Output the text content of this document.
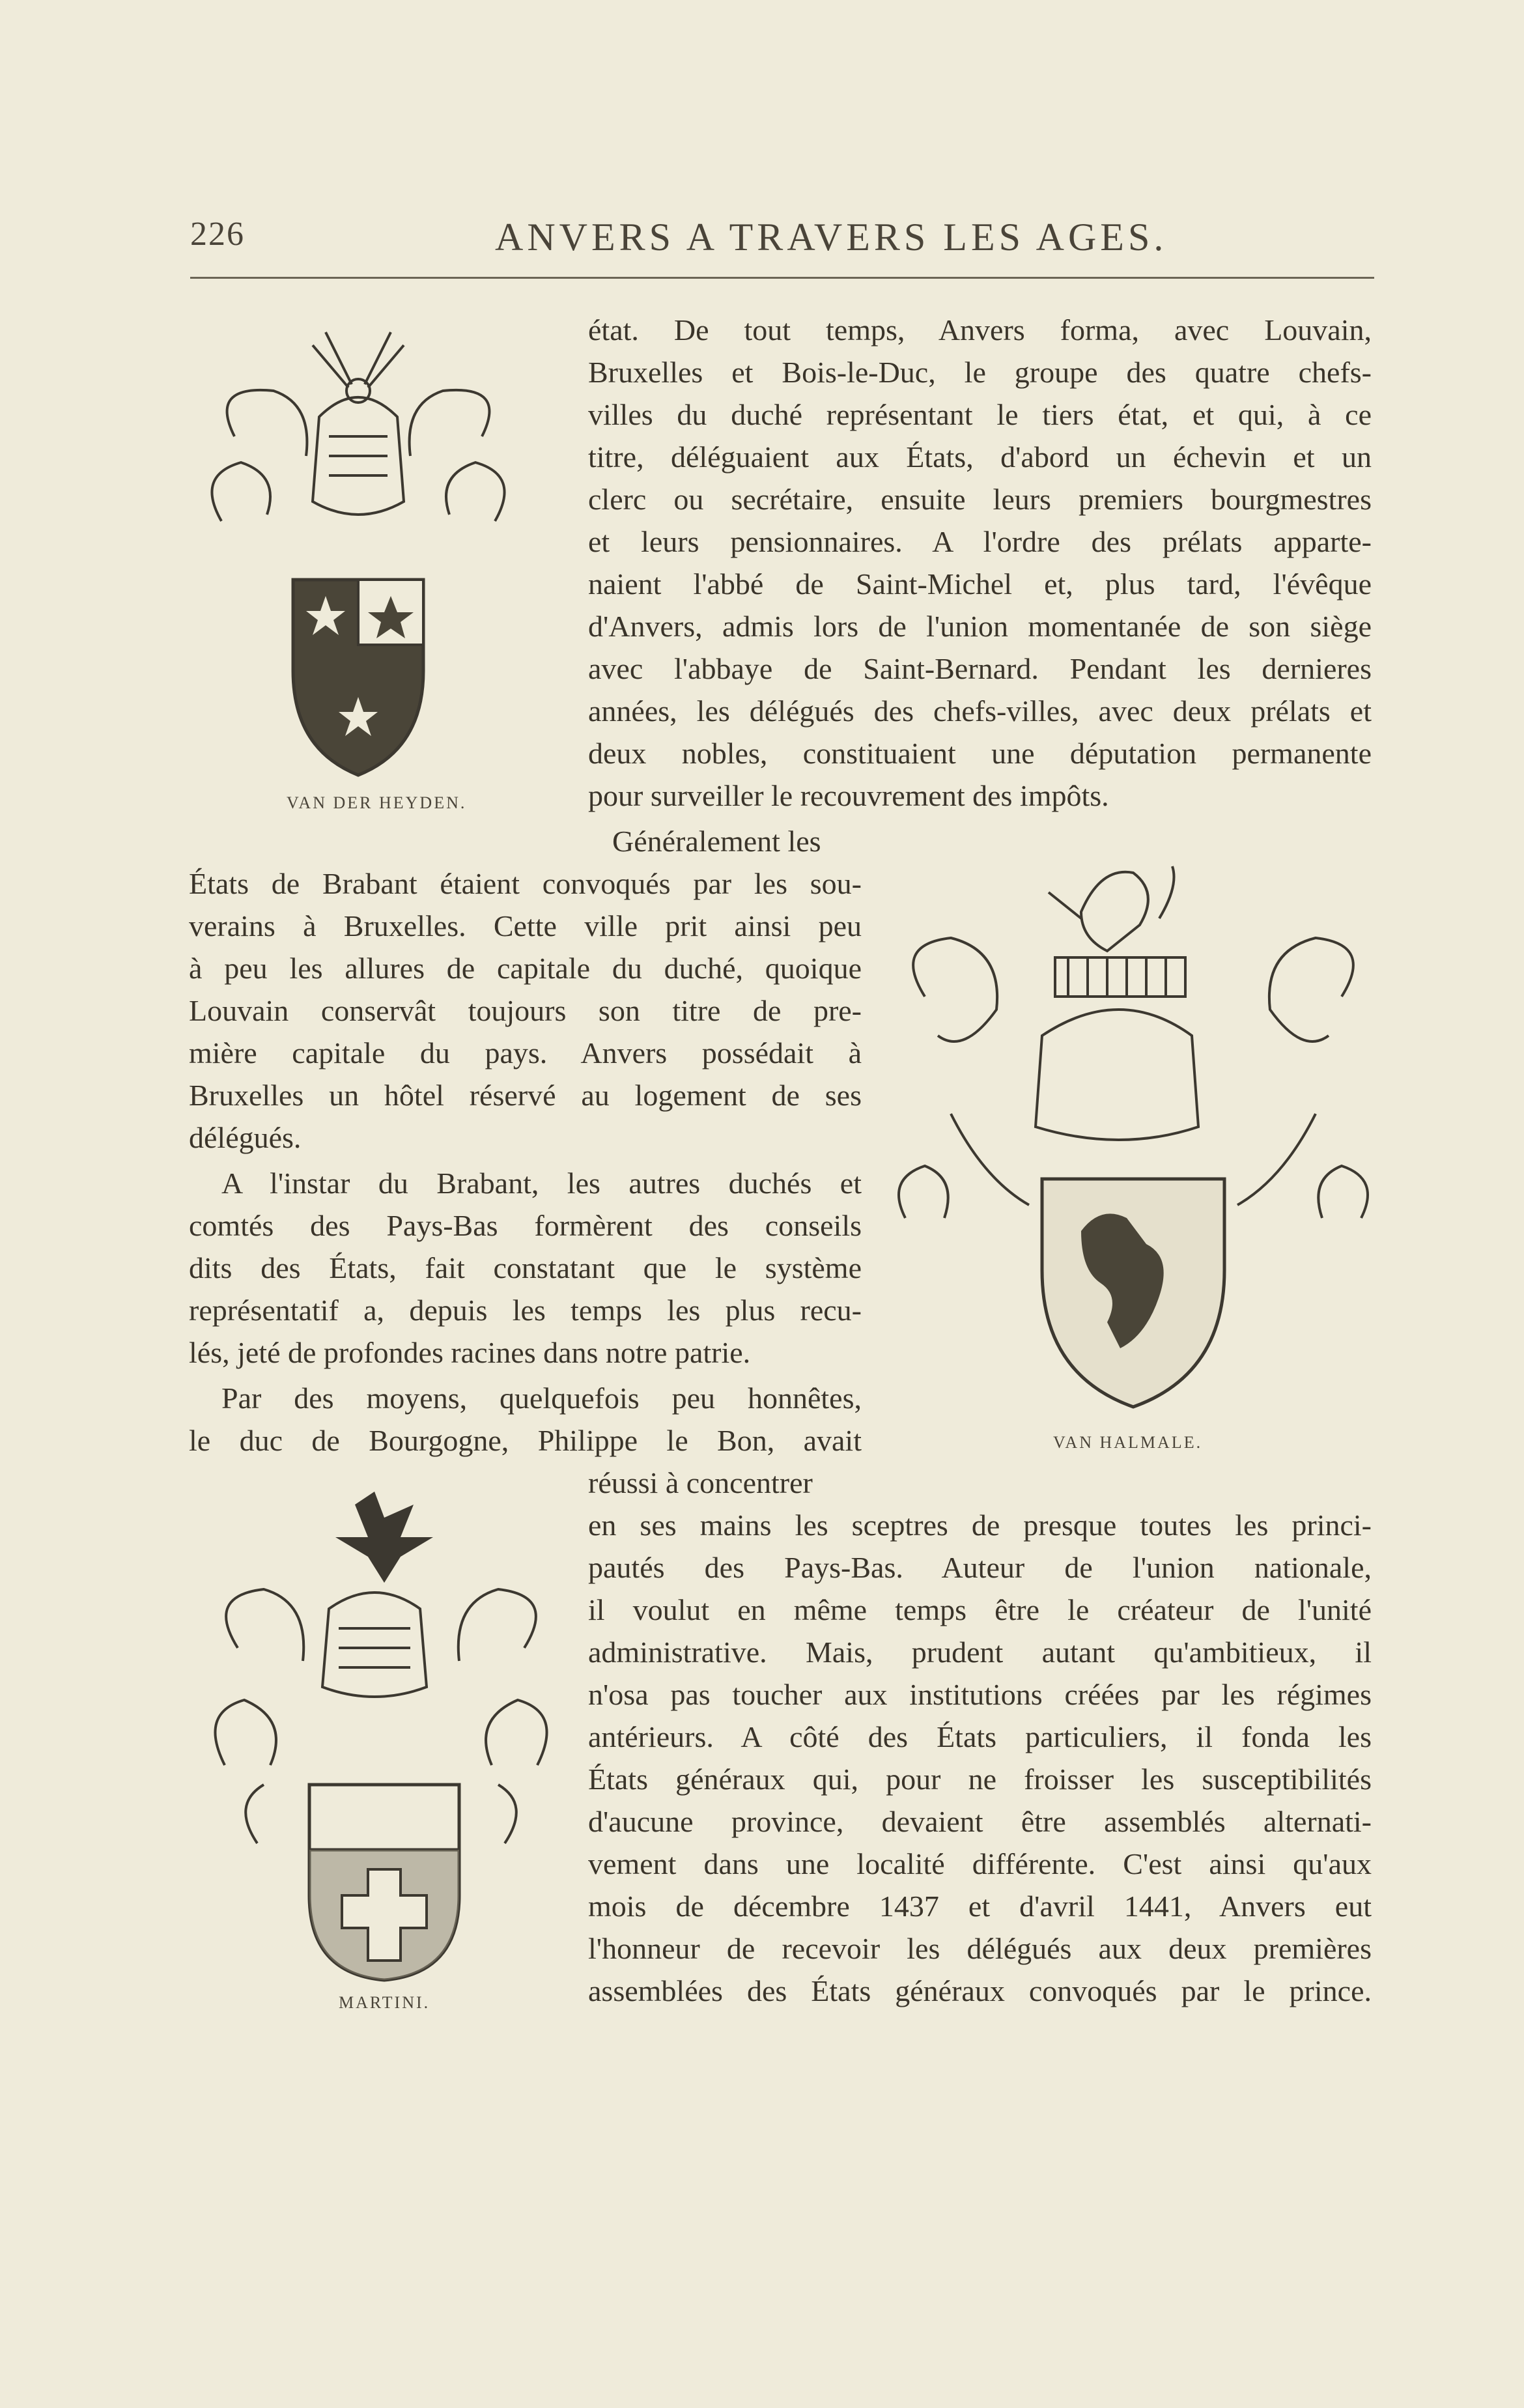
226	ANVERS A TRAVERS LES AGES.
VAN DER HEYDEN.
VAN HALMALE.
MARTINI.
état. De tout temps, Anvers forma, avec Louvain,
Bruxelles et Bois-le-Duc, le groupe des quatre chefs-
villes du duché représentant le tiers état, et qui, à ce
titre, déléguaient aux États, d'abord un échevin et un
clerc ou secrétaire, ensuite leurs premiers bourgmestres
et leurs pensionnaires. A l'ordre des prélats apparte-
naient l'abbé de Saint-Michel et, plus tard, l'évêque
d'Anvers, admis lors de l'union momentanée de son siège
avec l'abbaye de Saint-Bernard. Pendant les dernieres
années, les délégués des chefs-villes, avec deux prélats et
deux nobles, constituaient une députation permanente
pour surveiller le recouvrement des impôts.
Généralement les
États de Brabant étaient convoqués par les sou-
verains à Bruxelles. Cette ville prit ainsi peu
à peu les allures de capitale du duché, quoique
Louvain conservât toujours son titre de pre-
mière capitale du pays. Anvers possédait à
Bruxelles un hôtel réservé au logement de ses
délégués.
A l'instar du Brabant, les autres duchés et
comtés des Pays-Bas formèrent des conseils
dits des États, fait constatant que le système
représentatif a, depuis les temps les plus recu-
lés, jeté de profondes racines dans notre patrie.
Par des moyens, quelquefois peu honnêtes,
le duc de Bourgogne, Philippe le Bon, avait
réussi à concentrer
en ses mains les sceptres de presque toutes les princi-
pautés des Pays-Bas. Auteur de l'union nationale,
il voulut en même temps être le créateur de l'unité
administrative. Mais, prudent autant qu'ambitieux, il
n'osa pas toucher aux institutions créées par les régimes
antérieurs. A côté des États particuliers, il fonda les
États généraux qui, pour ne froisser les susceptibilités
d'aucune province, devaient être assemblés alternati-
vement dans une localité différente. C'est ainsi qu'aux
mois de décembre 1437 et d'avril 1441, Anvers eut
l'honneur de recevoir les délégués aux deux premières
assemblées des États généraux convoqués par le prince.
